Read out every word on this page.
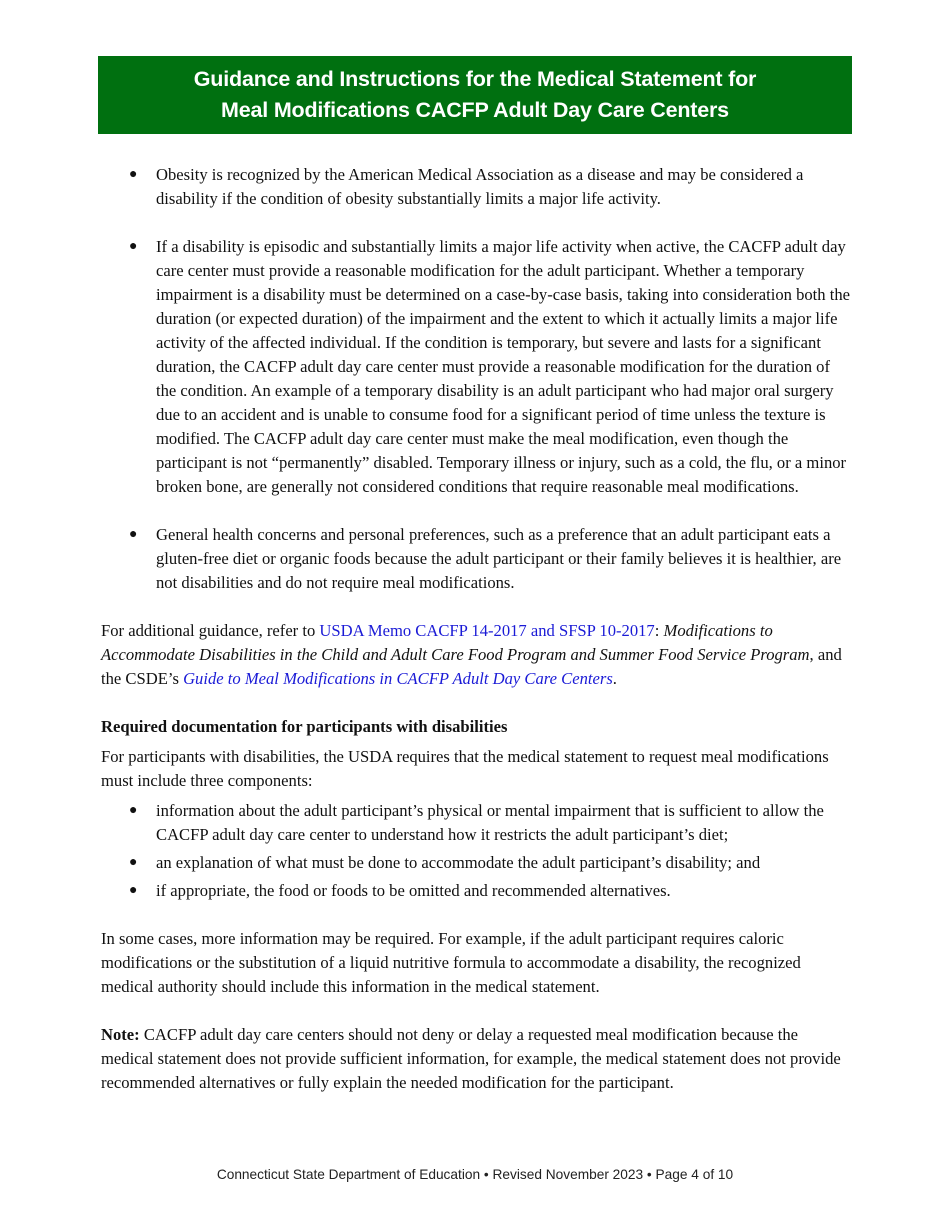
Guidance and Instructions for the Medical Statement for
Meal Modifications CACFP Adult Day Care Centers
● Obesity is recognized by the American Medical Association as a disease and may be considered a disability if the condition of obesity substantially limits a major life activity.
● If a disability is episodic and substantially limits a major life activity when active, the CACFP adult day care center must provide a reasonable modification for the adult participant. Whether a temporary impairment is a disability must be determined on a case-by-case basis, taking into consideration both the duration (or expected duration) of the impairment and the extent to which it actually limits a major life activity of the affected individual. If the condition is temporary, but severe and lasts for a significant duration, the CACFP adult day care center must provide a reasonable modification for the duration of the condition. An example of a temporary disability is an adult participant who had major oral surgery due to an accident and is unable to consume food for a significant period of time unless the texture is modified. The CACFP adult day care center must make the meal modification, even though the participant is not “permanently” disabled. Temporary illness or injury, such as a cold, the flu, or a minor broken bone, are generally not considered conditions that require reasonable meal modifications.
● General health concerns and personal preferences, such as a preference that an adult participant eats a gluten-free diet or organic foods because the adult participant or their family believes it is healthier, are not disabilities and do not require meal modifications.

For additional guidance, refer to USDA Memo CACFP 14-2017 and SFSP 10-2017: Modifications to Accommodate Disabilities in the Child and Adult Care Food Program and Summer Food Service Program, and the CSDE’s Guide to Meal Modifications in CACFP Adult Day Care Centers.

Required documentation for participants with disabilities

For participants with disabilities, the USDA requires that the medical statement to request meal modifications must include three components:

● information about the adult participant’s physical or mental impairment that is sufficient to allow the CACFP adult day care center to understand how it restricts the adult participant’s diet;
● an explanation of what must be done to accommodate the adult participant’s disability; and
● if appropriate, the food or foods to be omitted and recommended alternatives.

In some cases, more information may be required. For example, if the adult participant requires caloric modifications or the substitution of a liquid nutritive formula to accommodate a disability, the recognized medical authority should include this information in the medical statement.

Note: CACFP adult day care centers should not deny or delay a requested meal modification because the medical statement does not provide sufficient information, for example, the medical statement does not provide recommended alternatives or fully explain the needed modification for the participant.

Connecticut State Department of Education • Revised November 2023 • Page 4 of 10
